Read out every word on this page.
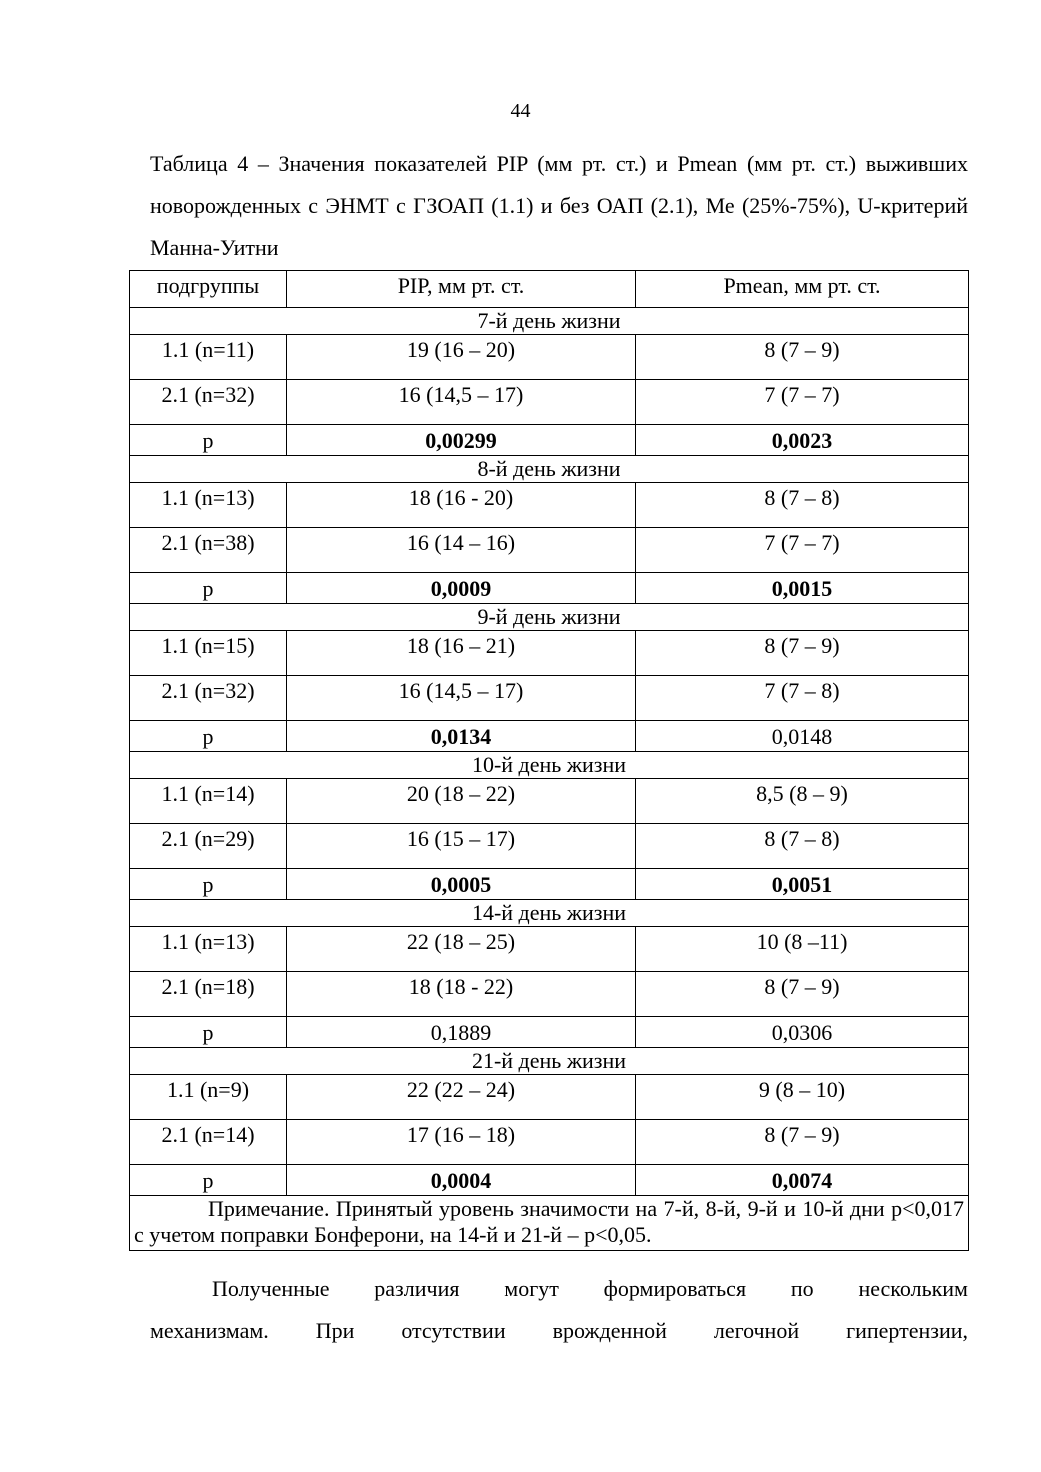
44
Таблица 4 – Значения показателей PIP (мм рт. ст.) и Pmean (мм рт. ст.) выживших новорожденных с ЭНМТ с ГЗОАП (1.1) и без ОАП (2.1), Ме (25%-75%), U-критерий Манна-Уитни
подгруппы	PIP, мм рт. ст.	Pmean, мм рт. ст.
7-й день жизни		
1.1 (n=11)	19 (16 – 20)	8 (7 – 9)
2.1 (n=32)	16 (14,5 – 17)	7 (7 – 7)
p	0,00299	0,0023
8-й день жизни		
1.1 (n=13)	18 (16 - 20)	8 (7 – 8)
2.1 (n=38)	16 (14 – 16)	7 (7 – 7)
p	0,0009	0,0015
9-й день жизни		
1.1 (n=15)	18 (16 – 21)	8 (7 – 9)
2.1 (n=32)	16 (14,5 – 17)	7 (7 – 8)
p	0,0134	0,0148
10-й день жизни		
1.1 (n=14)	20 (18 – 22)	8,5 (8 – 9)
2.1 (n=29)	16 (15 – 17)	8 (7 – 8)
p	0,0005	0,0051
14-й день жизни		
1.1 (n=13)	22 (18 – 25)	10 (8 –11)
2.1 (n=18)	18 (18 - 22)	8 (7 – 9)
p	0,1889	0,0306
21-й день жизни		
1.1 (n=9)	22 (22 – 24)	9 (8 – 10)
2.1 (n=14)	17 (16 – 18)	8 (7 – 9)
p	0,0004	0,0074

Примечание. Принятый уровень значимости на 7-й, 8-й, 9-й и 10-й дни p<0,017 с учетом поправки Бонферони, на 14-й и 21-й – p<0,05.		
Полученные различия могут формироваться по нескольким
механизмам. При отсутствии врожденной легочной гипертензии,
